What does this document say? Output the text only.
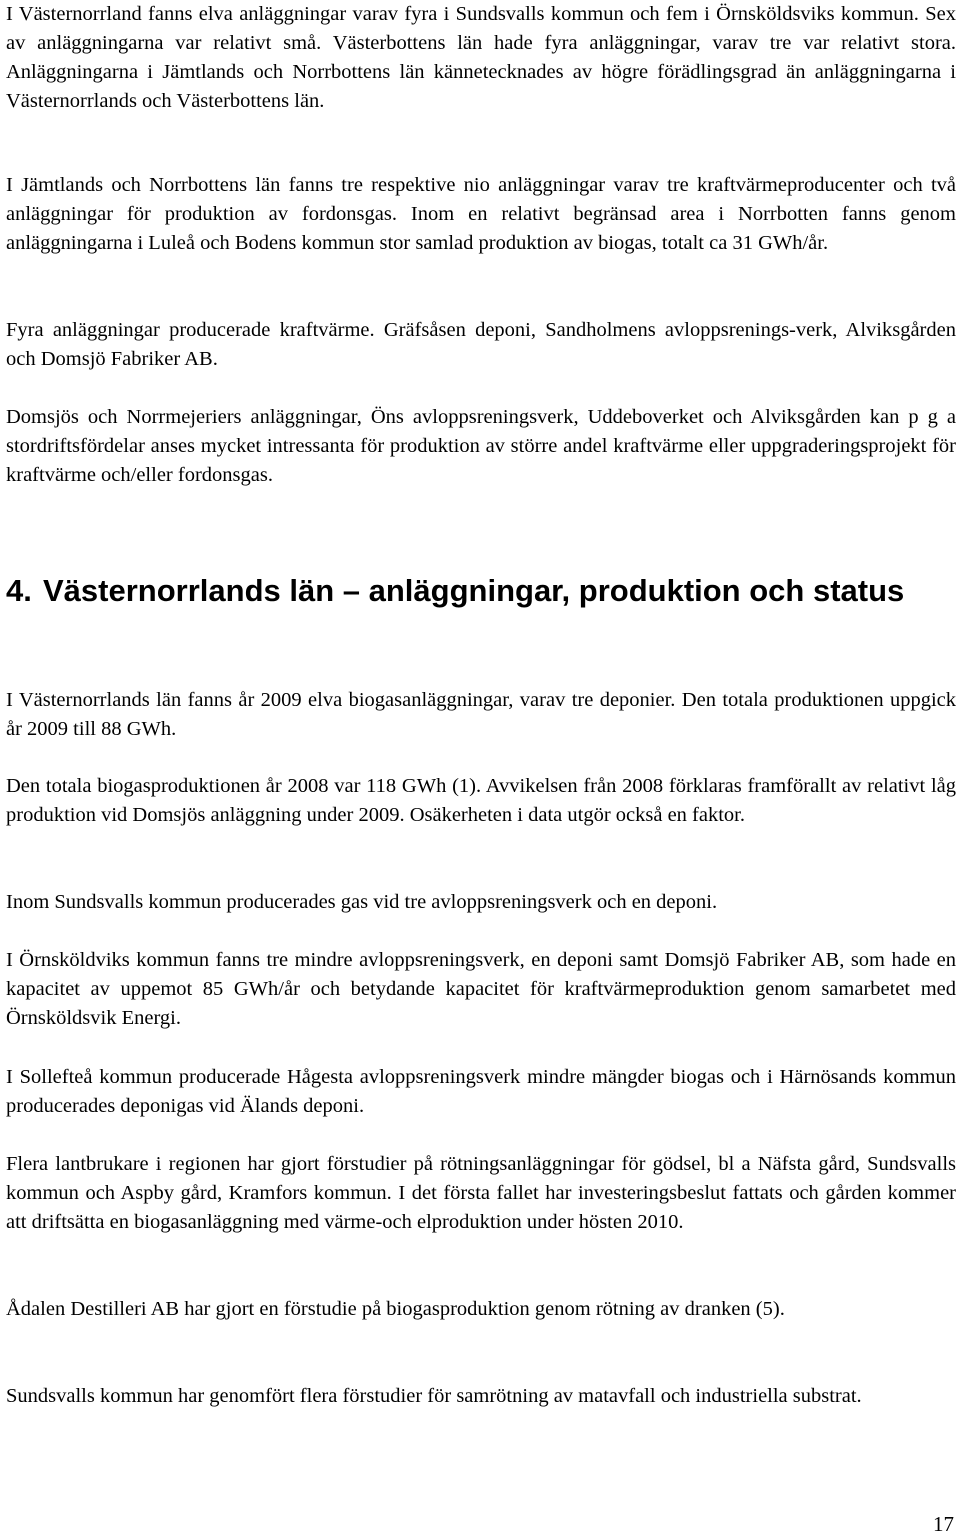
I Västernorrland fanns elva anläggningar varav fyra i Sundsvalls kommun och fem i Örnsköldsviks kommun. Sex av anläggningarna var relativt små. Västerbottens län hade fyra anläggningar, varav tre var relativt stora. Anläggningarna i Jämtlands och Norrbottens län kännetecknades av högre förädlingsgrad än anläggningarna i Västernorrlands och Västerbottens län.

I Jämtlands och Norrbottens län fanns tre respektive nio anläggningar varav tre kraftvärmeproducenter och två anläggningar för produktion av fordonsgas. Inom en relativt begränsad area i Norrbotten fanns genom anläggningarna i Luleå och Bodens kommun stor samlad produktion av biogas, totalt ca 31 GWh/år.

Fyra anläggningar producerade kraftvärme. Gräfsåsen deponi, Sandholmens avloppsrenings-verk, Alviksgården och Domsjö Fabriker AB.

Domsjös och Norrmejeriers anläggningar, Öns avloppsreningsverk, Uddeboverket och Alviksgården kan p g a stordriftsfördelar anses mycket intressanta för produktion av större andel kraftvärme eller uppgraderingsprojekt för kraftvärme och/eller fordonsgas.

4. Västernorrlands län – anläggningar, produktion och status

I Västernorrlands län fanns år 2009 elva biogasanläggningar, varav tre deponier. Den totala produktionen uppgick år 2009 till 88 GWh.

Den totala biogasproduktionen år 2008 var 118 GWh (1). Avvikelsen från 2008 förklaras framförallt av relativt låg produktion vid Domsjös anläggning under 2009. Osäkerheten i data utgör också en faktor.

Inom Sundsvalls kommun producerades gas vid tre avloppsreningsverk och en deponi.

I Örnsköldviks kommun fanns tre mindre avloppsreningsverk, en deponi samt Domsjö Fabriker AB, som hade en kapacitet av uppemot 85 GWh/år och betydande kapacitet för kraftvärmeproduktion genom samarbetet med Örnsköldsvik Energi.

I Sollefteå kommun producerade Hågesta avloppsreningsverk mindre mängder biogas och i Härnösands kommun producerades deponigas vid Älands deponi.

Flera lantbrukare i regionen har gjort förstudier på rötningsanläggningar för gödsel, bl a Näfsta gård, Sundsvalls kommun och Aspby gård, Kramfors kommun. I det första fallet har investeringsbeslut fattats och gården kommer att driftsätta en biogasanläggning med värme-och elproduktion under hösten 2010.

Ådalen Destilleri AB har gjort en förstudie på biogasproduktion genom rötning av dranken (5).

Sundsvalls kommun har genomfört flera förstudier för samrötning av matavfall och industriella substrat.

17
